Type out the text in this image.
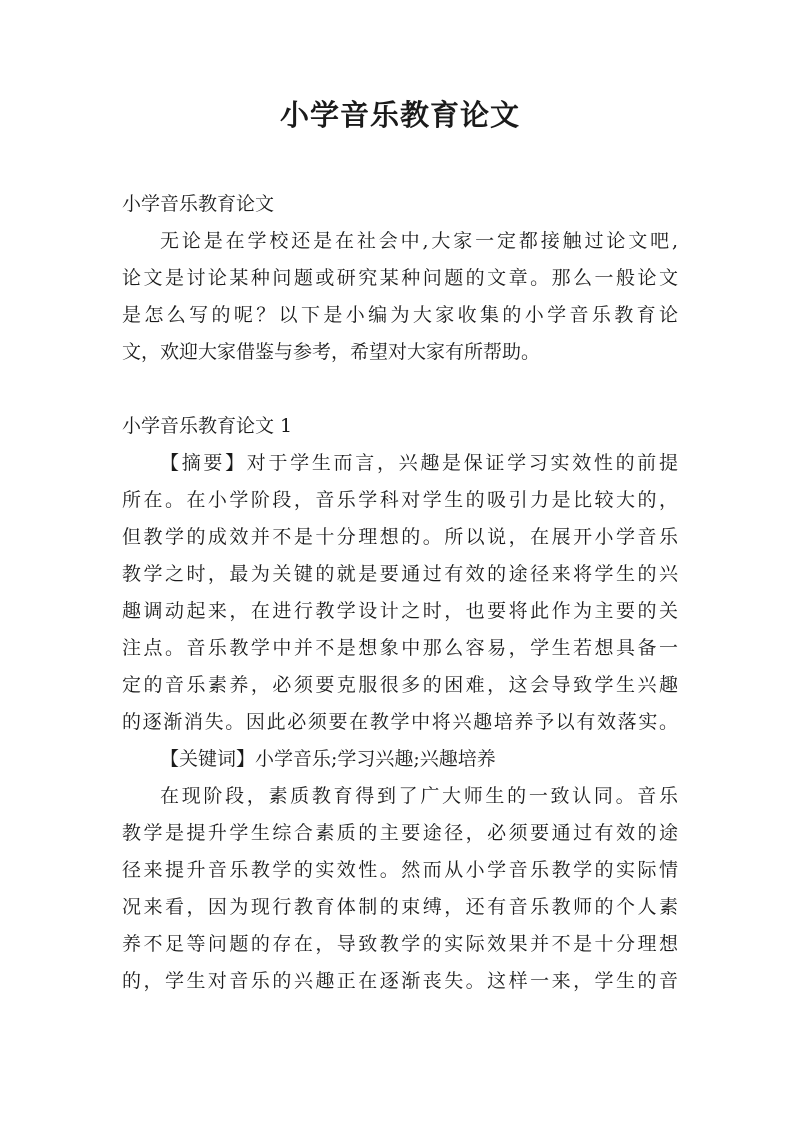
小学音乐教育论文
小学音乐教育论文
无论是在学校还是在社会中,大家一定都接触过论文吧,
论文是讨论某种问题或研究某种问题的文章。那么一般论文
是怎么写的呢？以下是小编为大家收集的小学音乐教育论
文，欢迎大家借鉴与参考，希望对大家有所帮助。
小学音乐教育论文 1
【摘要】对于学生而言，兴趣是保证学习实效性的前提
所在。在小学阶段，音乐学科对学生的吸引力是比较大的，
但教学的成效并不是十分理想的。所以说，在展开小学音乐
教学之时，最为关键的就是要通过有效的途径来将学生的兴
趣调动起来，在进行教学设计之时，也要将此作为主要的关
注点。音乐教学中并不是想象中那么容易，学生若想具备一
定的音乐素养，必须要克服很多的困难，这会导致学生兴趣
的逐渐消失。因此必须要在教学中将兴趣培养予以有效落实。
【关键词】小学音乐;学习兴趣;兴趣培养
在现阶段，素质教育得到了广大师生的一致认同。音乐
教学是提升学生综合素质的主要途径，必须要通过有效的途
径来提升音乐教学的实效性。然而从小学音乐教学的实际情
况来看，因为现行教育体制的束缚，还有音乐教师的个人素
养不足等问题的存在，导致教学的实际效果并不是十分理想
的，学生对音乐的兴趣正在逐渐丧失。这样一来，学生的音
